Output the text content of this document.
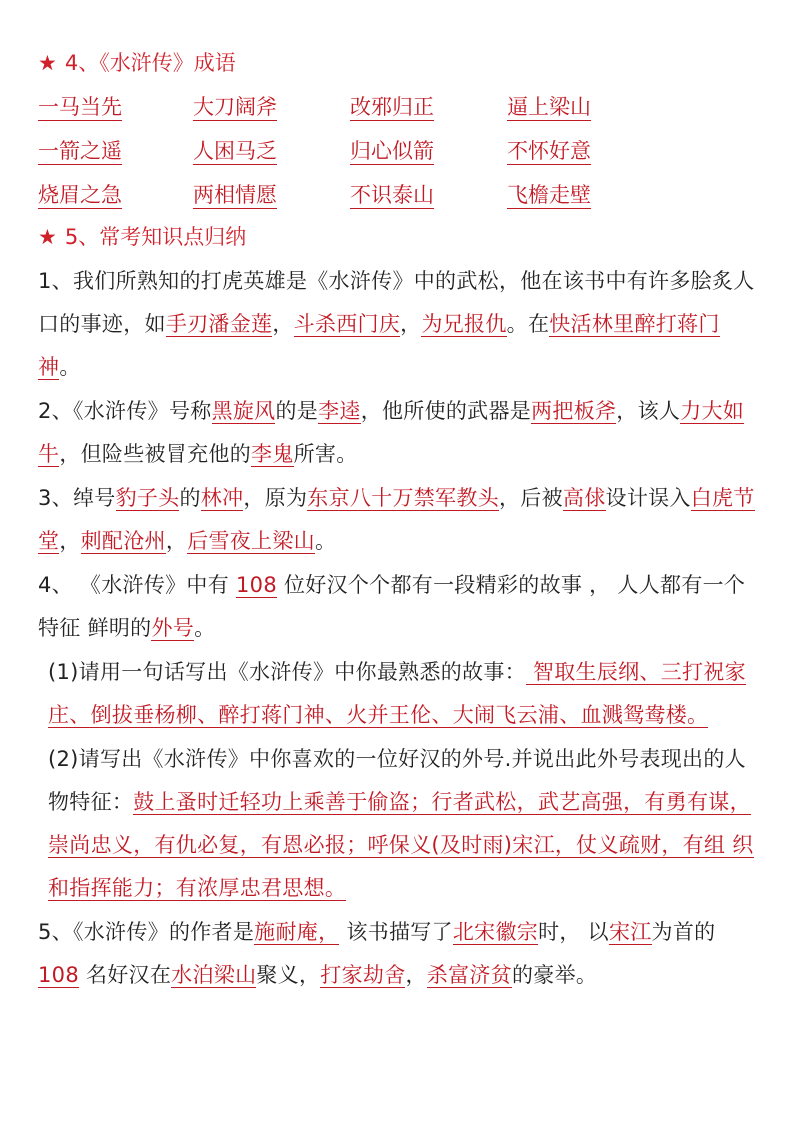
★ 4、《水浒传》成语
一马当先	大刀阔斧	改邪归正	逼上梁山
一箭之遥	人困马乏	归心似箭	不怀好意
烧眉之急	两相情愿	不识泰山	飞檐走壁
★ 5、常考知识点归纳

1、我们所熟知的打虎英雄是《水浒传》中的武松，他在该书中有许多脍炙人口的事迹，如手刃潘金莲，斗杀西门庆，为兄报仇。在快活林里醉打蒋门神。

2、《水浒传》号称黑旋风的是李逵，他所使的武器是两把板斧，该人力大如牛，但险些被冒充他的李鬼所害。

3、绰号豹子头的林冲，原为东京八十万禁军教头，后被高俅设计误入白虎节堂，刺配沧州，后雪夜上梁山。

4、 《水浒传》中有 108 位好汉个个都有一段精彩的故事 ， 人人都有一个特征 鲜明的外号。

(1)请用一句话写出《水浒传》中你最熟悉的故事： 智取生辰纲、三打祝家庄、倒拔垂杨柳、醉打蒋门神、火并王伦、大闹飞云浦、血溅鸳鸯楼。

(2)请写出《水浒传》中你喜欢的一位好汉的外号.并说出此外号表现出的人物特征：鼓上蚤时迁轻功上乘善于偷盗；行者武松，武艺高强，有勇有谋， 崇尚忠义，有仇必复，有恩必报；呼保义(及时雨)宋江，仗义疏财，有组 织和指挥能力；有浓厚忠君思想。

5、《水浒传》的作者是施耐庵， 该书描写了北宋徽宗时， 以宋江为首的 108 名好汉在水泊梁山聚义，打家劫舍，杀富济贫的豪举。
